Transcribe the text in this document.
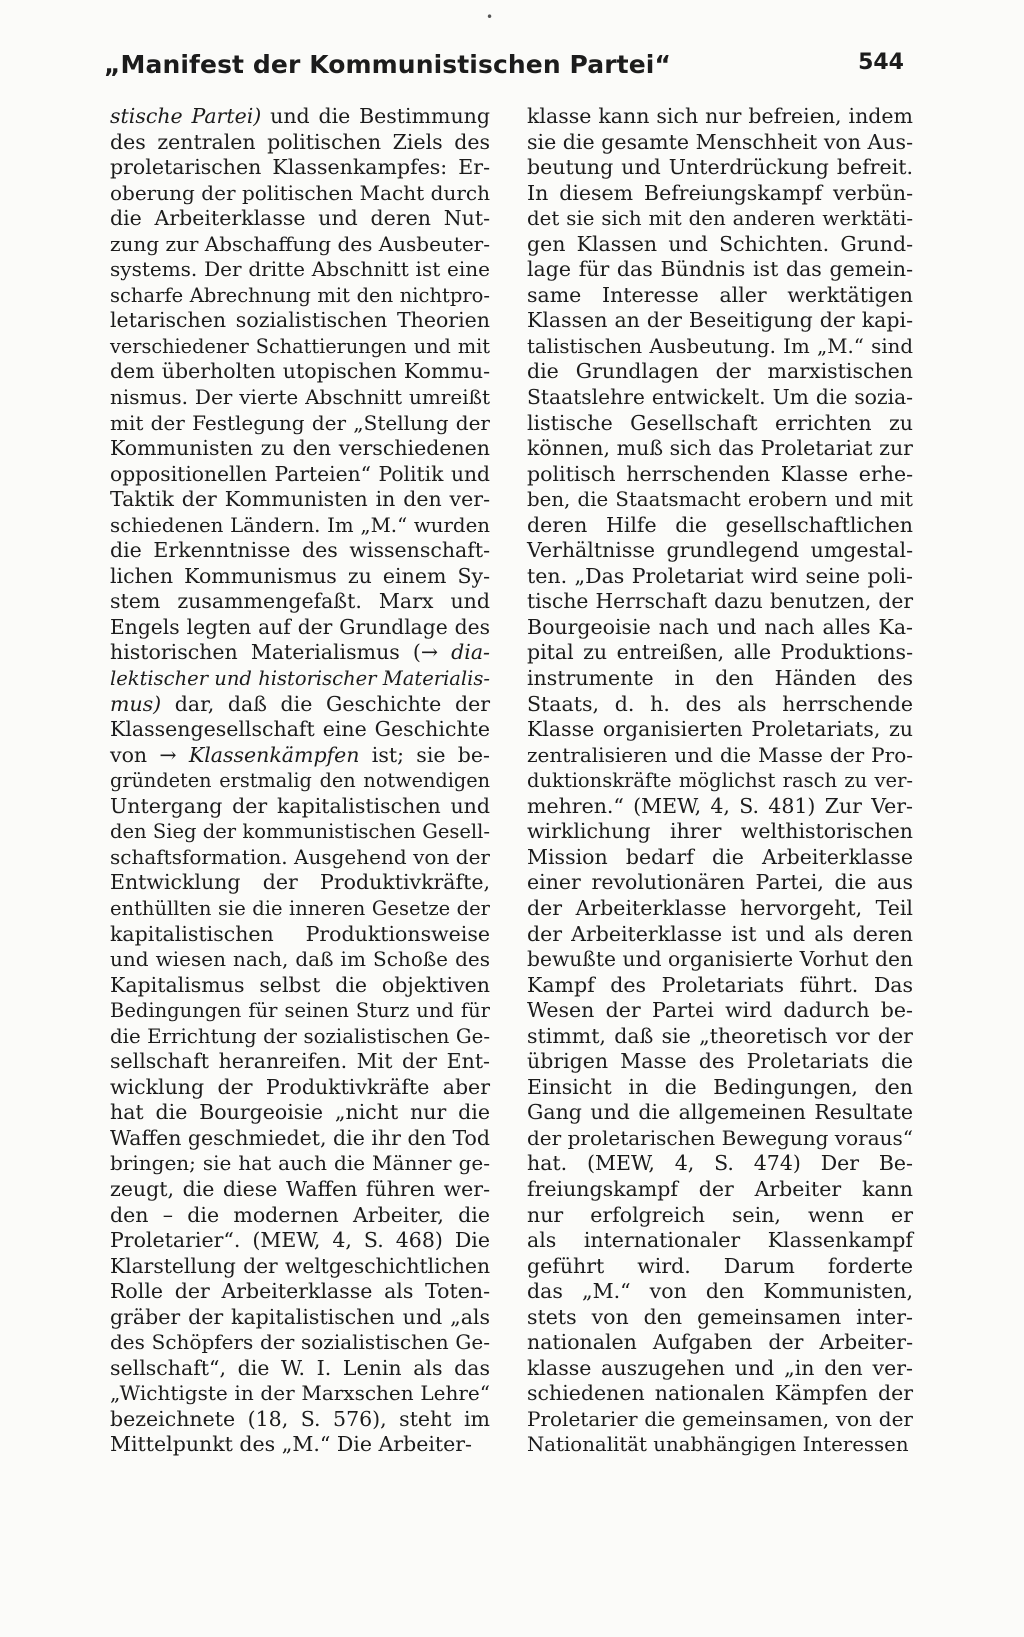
•
„Manifest der Kommunistischen Partei“	544
stische Partei) und die Bestimmung
des zentralen politischen Ziels des
proletarischen Klassenkampfes: Er-
oberung der politischen Macht durch
die Arbeiterklasse und deren Nut-
zung zur Abschaffung des Ausbeuter-
systems. Der dritte Abschnitt ist eine
scharfe Abrechnung mit den nichtpro-
letarischen sozialistischen Theorien
verschiedener Schattierungen und mit
dem überholten utopischen Kommu-
nismus. Der vierte Abschnitt umreißt
mit der Festlegung der „Stellung der
Kommunisten zu den verschiedenen
oppositionellen Parteien“ Politik und
Taktik der Kommunisten in den ver-
schiedenen Ländern. Im „M.“ wurden
die Erkenntnisse des wissenschaft-
lichen Kommunismus zu einem Sy-
stem zusammengefaßt. Marx und
Engels legten auf der Grundlage des
historischen Materialismus (→ dia-
lektischer und historischer Materialis-
mus) dar, daß die Geschichte der
Klassengesellschaft eine Geschichte
von → Klassenkämpfen ist; sie be-
gründeten erstmalig den notwendigen
Untergang der kapitalistischen und
den Sieg der kommunistischen Gesell-
schaftsformation. Ausgehend von der
Entwicklung der Produktivkräfte,
enthüllten sie die inneren Gesetze der
kapitalistischen Produktionsweise
und wiesen nach, daß im Schoße des
Kapitalismus selbst die objektiven
Bedingungen für seinen Sturz und für
die Errichtung der sozialistischen Ge-
sellschaft heranreifen. Mit der Ent-
wicklung der Produktivkräfte aber
hat die Bourgeoisie „nicht nur die
Waffen geschmiedet, die ihr den Tod
bringen; sie hat auch die Männer ge-
zeugt, die diese Waffen führen wer-
den – die modernen Arbeiter, die
Proletarier“. (MEW, 4, S. 468) Die
Klarstellung der weltgeschichtlichen
Rolle der Arbeiterklasse als Toten-
gräber der kapitalistischen und „als
des Schöpfers der sozialistischen Ge-
sellschaft“, die W. I. Lenin als das
„Wichtigste in der Marxschen Lehre“
bezeichnete (18, S. 576), steht im
Mittelpunkt des „M.“ Die Arbeiter-
klasse kann sich nur befreien, indem
sie die gesamte Menschheit von Aus-
beutung und Unterdrückung befreit.
In diesem Befreiungskampf verbün-
det sie sich mit den anderen werktäti-
gen Klassen und Schichten. Grund-
lage für das Bündnis ist das gemein-
same Interesse aller werktätigen
Klassen an der Beseitigung der kapi-
talistischen Ausbeutung. Im „M.“ sind
die Grundlagen der marxistischen
Staatslehre entwickelt. Um die sozia-
listische Gesellschaft errichten zu
können, muß sich das Proletariat zur
politisch herrschenden Klasse erhe-
ben, die Staatsmacht erobern und mit
deren Hilfe die gesellschaftlichen
Verhältnisse grundlegend umgestal-
ten. „Das Proletariat wird seine poli-
tische Herrschaft dazu benutzen, der
Bourgeoisie nach und nach alles Ka-
pital zu entreißen, alle Produktions-
instrumente in den Händen des
Staats, d. h. des als herrschende
Klasse organisierten Proletariats, zu
zentralisieren und die Masse der Pro-
duktionskräfte möglichst rasch zu ver-
mehren.“ (MEW, 4, S. 481) Zur Ver-
wirklichung ihrer welthistorischen
Mission bedarf die Arbeiterklasse
einer revolutionären Partei, die aus
der Arbeiterklasse hervorgeht, Teil
der Arbeiterklasse ist und als deren
bewußte und organisierte Vorhut den
Kampf des Proletariats führt. Das
Wesen der Partei wird dadurch be-
stimmt, daß sie „theoretisch vor der
übrigen Masse des Proletariats die
Einsicht in die Bedingungen, den
Gang und die allgemeinen Resultate
der proletarischen Bewegung voraus“
hat. (MEW, 4, S. 474) Der Be-
freiungskampf der Arbeiter kann
nur erfolgreich sein, wenn er
als internationaler Klassenkampf
geführt wird. Darum forderte
das „M.“ von den Kommunisten,
stets von den gemeinsamen inter-
nationalen Aufgaben der Arbeiter-
klasse auszugehen und „in den ver-
schiedenen nationalen Kämpfen der
Proletarier die gemeinsamen, von der
Nationalität unabhängigen Interessen
